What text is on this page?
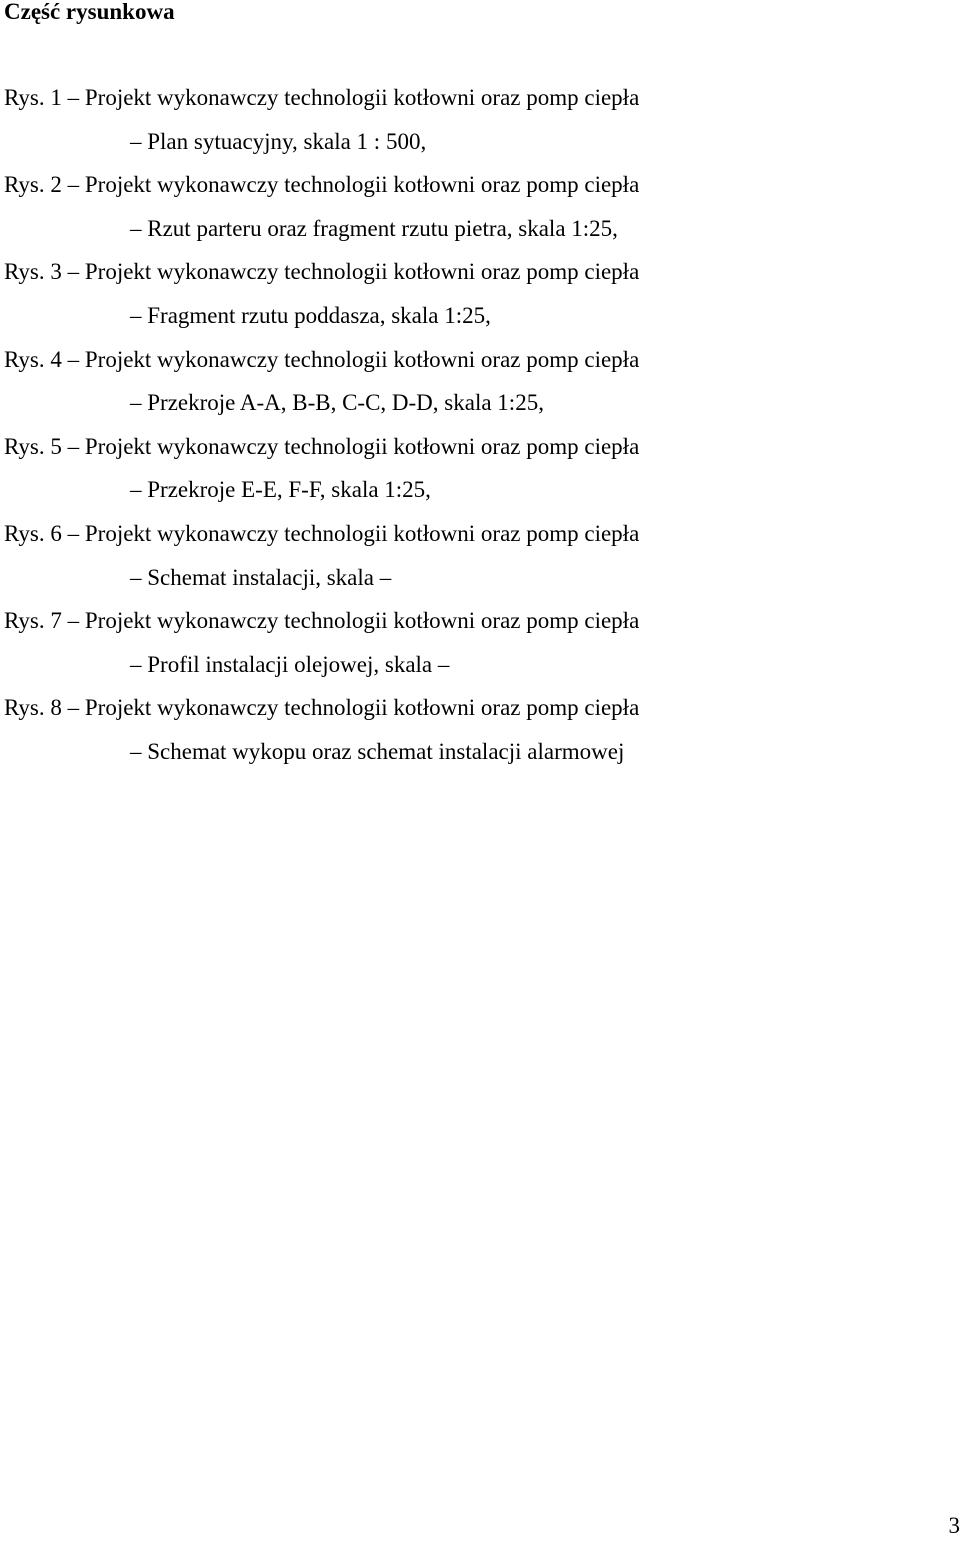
Część rysunkowa
Rys. 1 – Projekt wykonawczy technologii kotłowni oraz pomp ciepła
– Plan sytuacyjny, skala 1 : 500,
Rys. 2 – Projekt wykonawczy technologii kotłowni oraz pomp ciepła
– Rzut parteru oraz fragment rzutu pietra, skala 1:25,
Rys. 3 – Projekt wykonawczy technologii kotłowni oraz pomp ciepła
– Fragment rzutu poddasza, skala 1:25,
Rys. 4 – Projekt wykonawczy technologii kotłowni oraz pomp ciepła
– Przekroje A-A, B-B, C-C, D-D, skala 1:25,
Rys. 5 – Projekt wykonawczy technologii kotłowni oraz pomp ciepła
– Przekroje E-E, F-F, skala 1:25,
Rys. 6 – Projekt wykonawczy technologii kotłowni oraz pomp ciepła
– Schemat instalacji, skala –
Rys. 7 – Projekt wykonawczy technologii kotłowni oraz pomp ciepła
– Profil instalacji olejowej, skala –
Rys. 8 – Projekt wykonawczy technologii kotłowni oraz pomp ciepła
– Schemat wykopu oraz schemat instalacji alarmowej
3
